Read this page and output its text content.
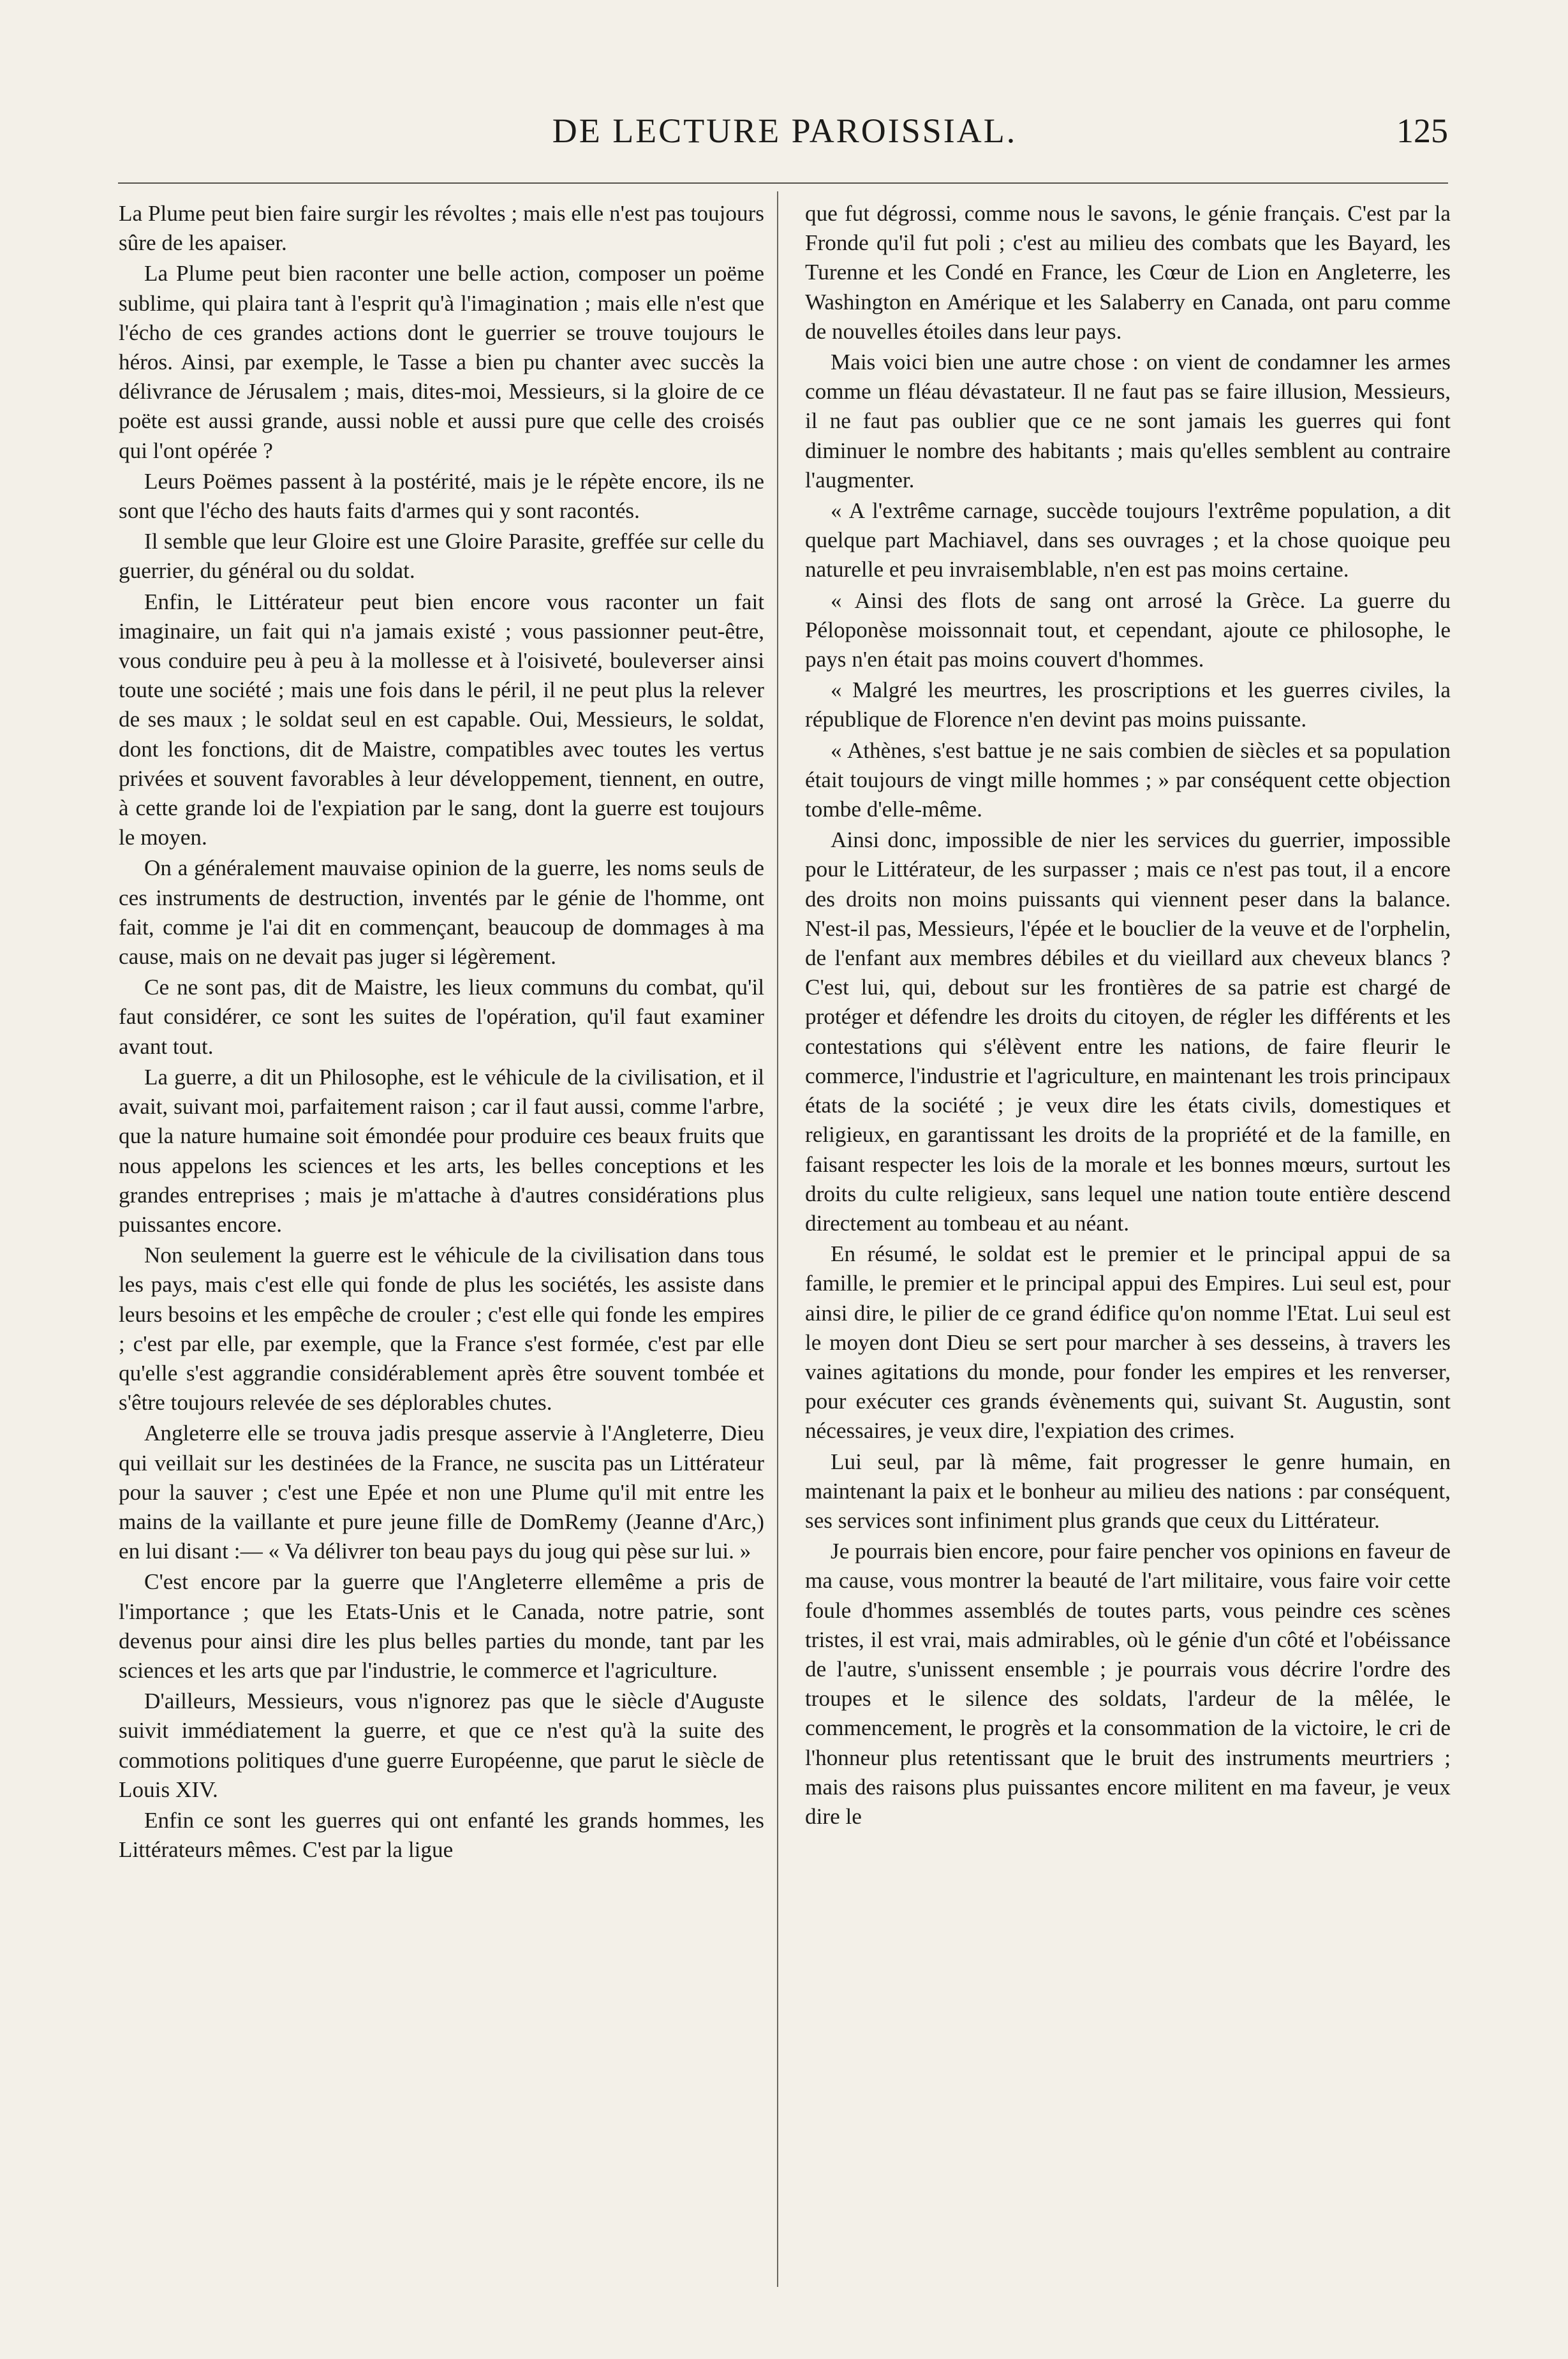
DE LECTURE PAROISSIAL.	125

La Plume peut bien faire surgir les révoltes ; mais elle n'est pas toujours sûre de les apaiser.

La Plume peut bien raconter une belle action, composer un poëme sublime, qui plaira tant à l'esprit qu'à l'imagination ; mais elle n'est que l'écho de ces grandes actions dont le guerrier se trouve toujours le héros. Ainsi, par exemple, le Tasse a bien pu chanter avec succès la délivrance de Jérusalem ; mais, dites-moi, Messieurs, si la gloire de ce poëte est aussi grande, aussi noble et aussi pure que celle des croisés qui l'ont opérée ?

Leurs Poëmes passent à la postérité, mais je le répète encore, ils ne sont que l'écho des hauts faits d'armes qui y sont racontés.

Il semble que leur Gloire est une Gloire Parasite, greffée sur celle du guerrier, du général ou du soldat.

Enfin, le Littérateur peut bien encore vous raconter un fait imaginaire, un fait qui n'a jamais existé ; vous passionner peut-être, vous conduire peu à peu à la mollesse et à l'oisiveté, bouleverser ainsi toute une société ; mais une fois dans le péril, il ne peut plus la relever de ses maux ; le soldat seul en est capable. Oui, Messieurs, le soldat, dont les fonctions, dit de Maistre, compatibles avec toutes les vertus privées et souvent favorables à leur développement, tiennent, en outre, à cette grande loi de l'expiation par le sang, dont la guerre est toujours le moyen.

On a généralement mauvaise opinion de la guerre, les noms seuls de ces instruments de destruction, inventés par le génie de l'homme, ont fait, comme je l'ai dit en commençant, beaucoup de dommages à ma cause, mais on ne devait pas juger si légèrement.

Ce ne sont pas, dit de Maistre, les lieux communs du combat, qu'il faut considérer, ce sont les suites de l'opération, qu'il faut examiner avant tout.

La guerre, a dit un Philosophe, est le véhicule de la civilisation, et il avait, suivant moi, parfaitement raison ; car il faut aussi, comme l'arbre, que la nature humaine soit émondée pour produire ces beaux fruits que nous appelons les sciences et les arts, les belles conceptions et les grandes entreprises ; mais je m'attache à d'autres considérations plus puissantes encore.

Non seulement la guerre est le véhicule de la civilisation dans tous les pays, mais c'est elle qui fonde de plus les sociétés, les assiste dans leurs besoins et les empêche de crouler ; c'est elle qui fonde les empires ; c'est par elle, par exemple, que la France s'est formée, c'est par elle qu'elle s'est aggrandie considérablement après être souvent tombée et s'être toujours relevée de ses déplorables chutes.

Angleterre elle se trouva jadis presque asservie à l'Angleterre, Dieu qui veillait sur les destinées de la France, ne suscita pas un Littérateur pour la sauver ; c'est une Epée et non une Plume qu'il mit entre les mains de la vaillante et pure jeune fille de DomRemy (Jeanne d'Arc,) en lui disant :— « Va délivrer ton beau pays du joug qui pèse sur lui. »

C'est encore par la guerre que l'Angleterre ellemême a pris de l'importance ; que les Etats-Unis et le Canada, notre patrie, sont devenus pour ainsi dire les plus belles parties du monde, tant par les sciences et les arts que par l'industrie, le commerce et l'agriculture.

D'ailleurs, Messieurs, vous n'ignorez pas que le siècle d'Auguste suivit immédiatement la guerre, et que ce n'est qu'à la suite des commotions politiques d'une guerre Européenne, que parut le siècle de Louis XIV.

Enfin ce sont les guerres qui ont enfanté les grands hommes, les Littérateurs mêmes. C'est par la ligue

que fut dégrossi, comme nous le savons, le génie français. C'est par la Fronde qu'il fut poli ; c'est au milieu des combats que les Bayard, les Turenne et les Condé en France, les Cœur de Lion en Angleterre, les Washington en Amérique et les Salaberry en Canada, ont paru comme de nouvelles étoiles dans leur pays.

Mais voici bien une autre chose : on vient de condamner les armes comme un fléau dévastateur. Il ne faut pas se faire illusion, Messieurs, il ne faut pas oublier que ce ne sont jamais les guerres qui font diminuer le nombre des habitants ; mais qu'elles semblent au contraire l'augmenter.

« A l'extrême carnage, succède toujours l'extrême population, a dit quelque part Machiavel, dans ses ouvrages ; et la chose quoique peu naturelle et peu invraisemblable, n'en est pas moins certaine.

« Ainsi des flots de sang ont arrosé la Grèce. La guerre du Péloponèse moissonnait tout, et cependant, ajoute ce philosophe, le pays n'en était pas moins couvert d'hommes.

« Malgré les meurtres, les proscriptions et les guerres civiles, la république de Florence n'en devint pas moins puissante.

« Athènes, s'est battue je ne sais combien de siècles et sa population était toujours de vingt mille hommes ; » par conséquent cette objection tombe d'elle-même.

Ainsi donc, impossible de nier les services du guerrier, impossible pour le Littérateur, de les surpasser ; mais ce n'est pas tout, il a encore des droits non moins puissants qui viennent peser dans la balance. N'est-il pas, Messieurs, l'épée et le bouclier de la veuve et de l'orphelin, de l'enfant aux membres débiles et du vieillard aux cheveux blancs ? C'est lui, qui, debout sur les frontières de sa patrie est chargé de protéger et défendre les droits du citoyen, de régler les différents et les contestations qui s'élèvent entre les nations, de faire fleurir le commerce, l'industrie et l'agriculture, en maintenant les trois principaux états de la société ; je veux dire les états civils, domestiques et religieux, en garantissant les droits de la propriété et de la famille, en faisant respecter les lois de la morale et les bonnes mœurs, surtout les droits du culte religieux, sans lequel une nation toute entière descend directement au tombeau et au néant.

En résumé, le soldat est le premier et le principal appui de sa famille, le premier et le principal appui des Empires. Lui seul est, pour ainsi dire, le pilier de ce grand édifice qu'on nomme l'Etat. Lui seul est le moyen dont Dieu se sert pour marcher à ses desseins, à travers les vaines agitations du monde, pour fonder les empires et les renverser, pour exécuter ces grands évènements qui, suivant St. Augustin, sont nécessaires, je veux dire, l'expiation des crimes.

Lui seul, par là même, fait progresser le genre humain, en maintenant la paix et le bonheur au milieu des nations : par conséquent, ses services sont infiniment plus grands que ceux du Littérateur.

Je pourrais bien encore, pour faire pencher vos opinions en faveur de ma cause, vous montrer la beauté de l'art militaire, vous faire voir cette foule d'hommes assemblés de toutes parts, vous peindre ces scènes tristes, il est vrai, mais admirables, où le génie d'un côté et l'obéissance de l'autre, s'unissent ensemble ; je pourrais vous décrire l'ordre des troupes et le silence des soldats, l'ardeur de la mêlée, le commencement, le progrès et la consommation de la victoire, le cri de l'honneur plus retentissant que le bruit des instruments meurtriers ; mais des raisons plus puissantes encore militent en ma faveur, je veux dire le
